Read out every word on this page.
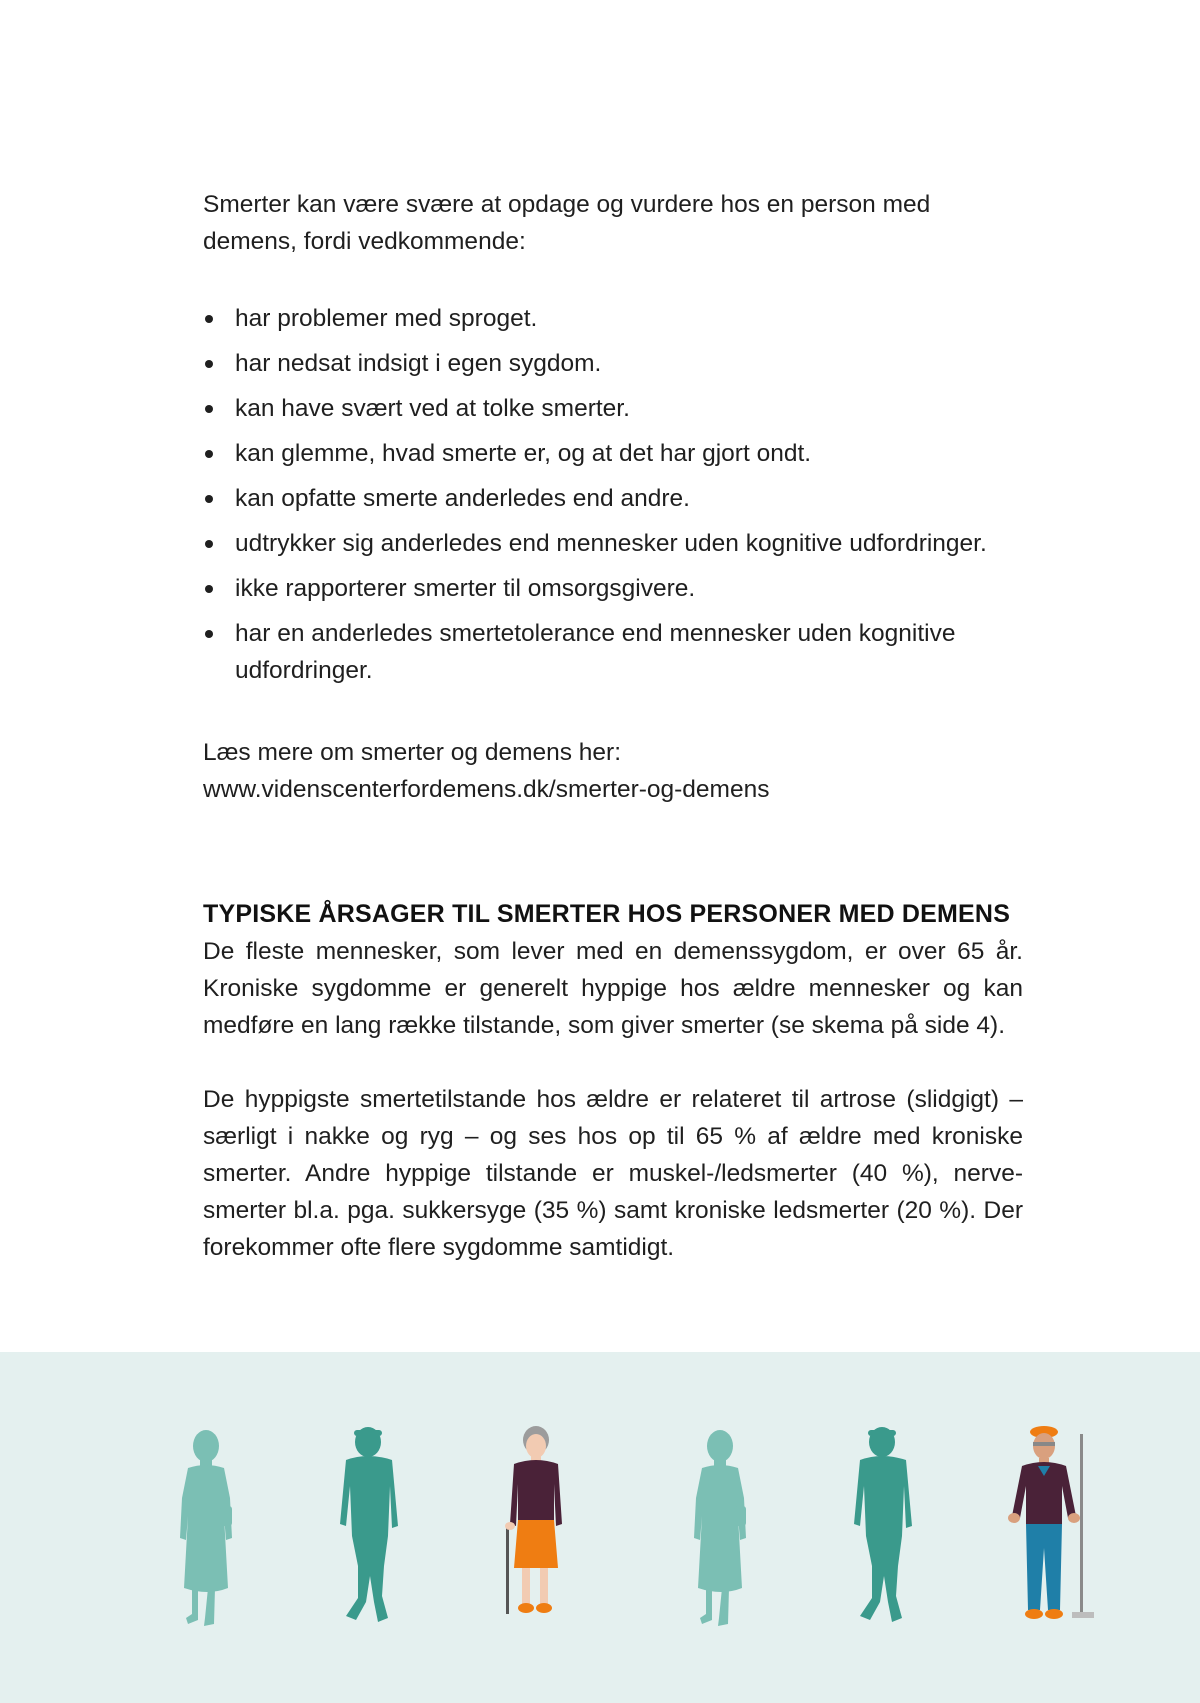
Smerter kan være svære at opdage og vurdere hos en person med demens, fordi vedkommende:

har problemer med sproget.
har nedsat indsigt i egen sygdom.
kan have svært ved at tolke smerter.
kan glemme, hvad smerte er, og at det har gjort ondt.
kan opfatte smerte anderledes end andre.
udtrykker sig anderledes end mennesker uden kognitive udfordringer.
ikke rapporterer smerter til omsorgsgivere.
har en anderledes smertetolerance end mennesker uden kognitive udfordringer.

Læs mere om smerter og demens her:

www.videnscenterfordemens.dk/smerter-og-demens

TYPISKE ÅRSAGER TIL SMERTER HOS PERSONER MED DEMENS

De fleste mennesker, som lever med en demenssygdom, er over 65 år. Kroniske sygdomme er generelt hyppige hos ældre mennesker og kan medføre en lang række tilstande, som giver smerter (se skema på side 4).

De hyppigste smertetilstande hos ældre er relateret til artrose (slidgigt) – særligt i nakke og ryg – og ses hos op til 65 % af ældre med kroniske smerter. Andre hyppige tilstande er muskel-/ledsmerter (40 %), nerve-smerter bl.a. pga. sukkersyge (35 %) samt kroniske ledsmerter (20 %). Der forekommer ofte flere sygdomme samtidigt.
